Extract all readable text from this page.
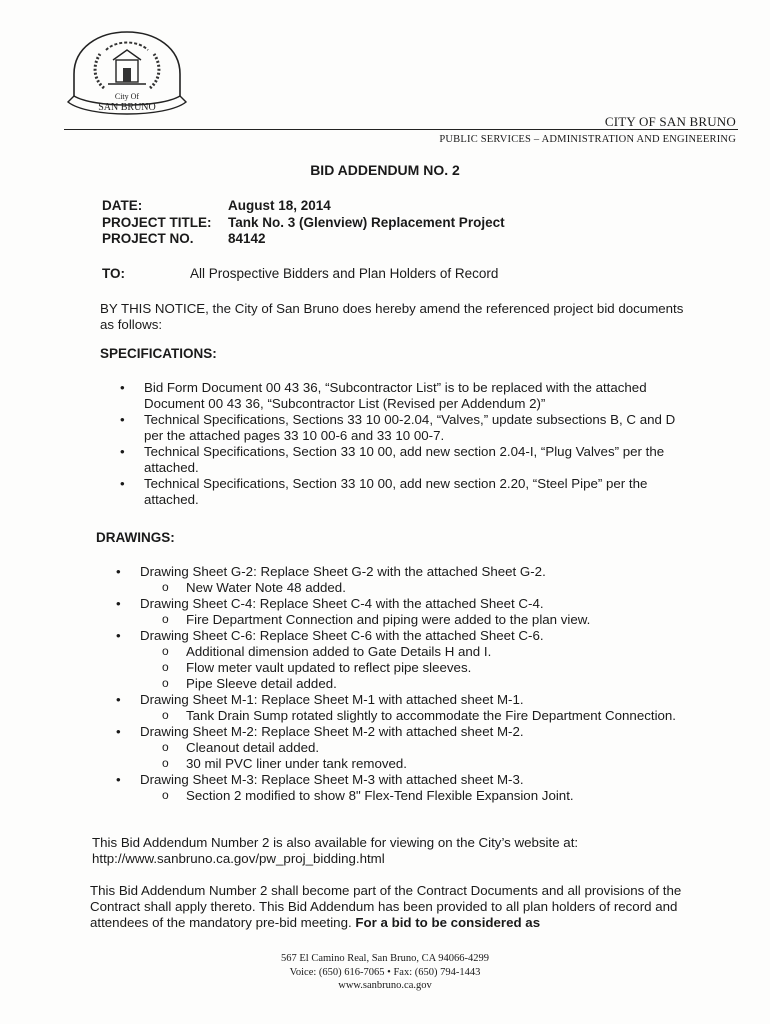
City Of
SAN BRUNO
CITY OF SAN BRUNO
PUBLIC SERVICES – ADMINISTRATION AND ENGINEERING
BID ADDENDUM NO. 2
DATE:	August 18, 2014
PROJECT TITLE: Tank No. 3 (Glenview) Replacement Project
PROJECT NO.	84142
TO:	All Prospective Bidders and Plan Holders of Record
BY THIS NOTICE, the City of San Bruno does hereby amend the referenced project bid documents as follows:
SPECIFICATIONS:
• Bid Form Document 00 43 36, “Subcontractor List” is to be replaced with the attached Document 00 43 36, “Subcontractor List (Revised per Addendum 2)”
• Technical Specifications, Sections 33 10 00-2.04, “Valves,” update subsections B, C and D per the attached pages 33 10 00-6 and 33 10 00-7.
• Technical Specifications, Section 33 10 00, add new section 2.04-I, “Plug Valves” per the attached.
• Technical Specifications, Section 33 10 00, add new section 2.20, “Steel Pipe” per the attached.
DRAWINGS:
• Drawing Sheet G-2: Replace Sheet G-2 with the attached Sheet G-2.
o New Water Note 48 added.
• Drawing Sheet C-4: Replace Sheet C-4 with the attached Sheet C-4.
o Fire Department Connection and piping were added to the plan view.
• Drawing Sheet C-6: Replace Sheet C-6 with the attached Sheet C-6.
o Additional dimension added to Gate Details H and I.
o Flow meter vault updated to reflect pipe sleeves.
o Pipe Sleeve detail added.
• Drawing Sheet M-1: Replace Sheet M-1 with attached sheet M-1.
o Tank Drain Sump rotated slightly to accommodate the Fire Department Connection.
• Drawing Sheet M-2: Replace Sheet M-2 with attached sheet M-2.
o Cleanout detail added.
o 30 mil PVC liner under tank removed.
• Drawing Sheet M-3: Replace Sheet M-3 with attached sheet M-3.
o Section 2 modified to show 8" Flex-Tend Flexible Expansion Joint.
This Bid Addendum Number 2 is also available for viewing on the City’s website at:
http://www.sanbruno.ca.gov/pw_proj_bidding.html
This Bid Addendum Number 2 shall become part of the Contract Documents and all provisions of the Contract shall apply thereto. This Bid Addendum has been provided to all plan holders of record and attendees of the mandatory pre-bid meeting. For a bid to be considered as
567 El Camino Real, San Bruno, CA 94066-4299
Voice: (650) 616-7065 • Fax: (650) 794-1443
www.sanbruno.ca.gov
